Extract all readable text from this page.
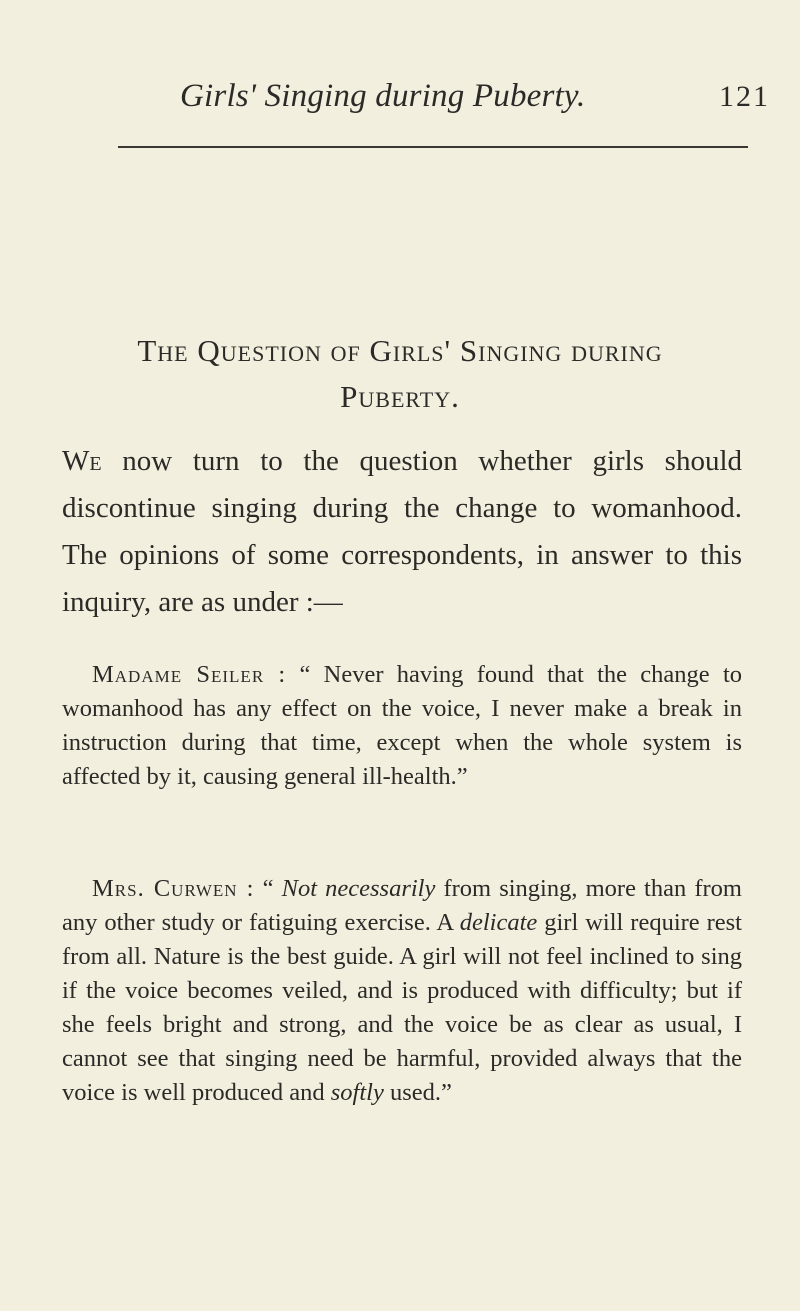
Girls' Singing during Puberty.	121
The Question of Girls' Singing during
Puberty.

We now turn to the question whether girls should discontinue singing during the change to womanhood. The opinions of some correspondents, in answer to this inquiry, are as under :—

Madame Seiler : “ Never having found that the change to womanhood has any effect on the voice, I never make a break in instruction during that time, except when the whole system is affected by it, causing general ill-health.”

Mrs. Curwen : “ Not necessarily from singing, more than from any other study or fatiguing exercise. A delicate girl will require rest from all. Nature is the best guide. A girl will not feel inclined to sing if the voice becomes veiled, and is produced with difficulty; but if she feels bright and strong, and the voice be as clear as usual, I cannot see that singing need be harmful, provided always that the voice is well produced and softly used.”
